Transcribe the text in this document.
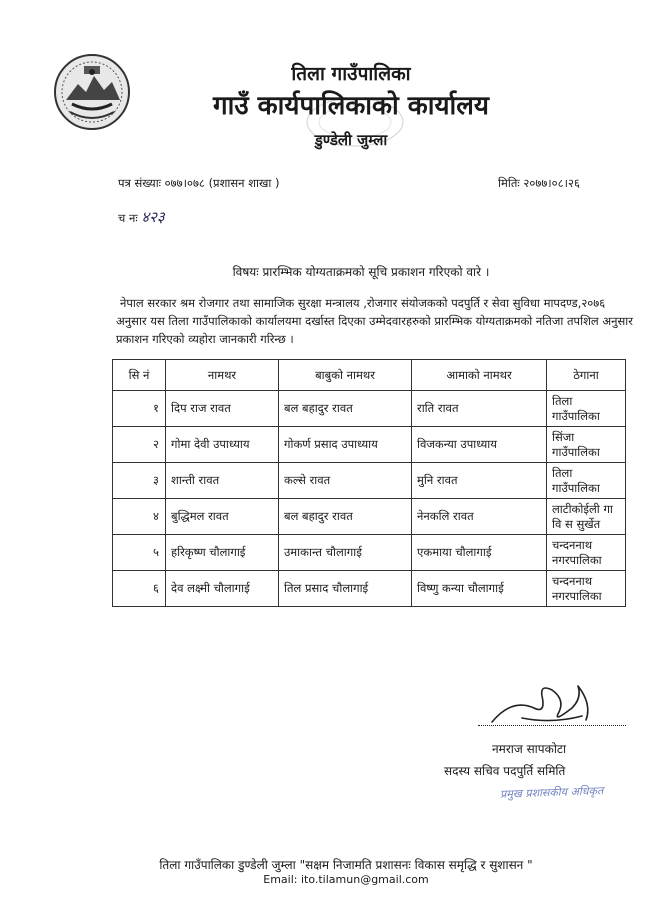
तिला गाउँपालिका
गाउँ कार्यपालिकाको कार्यालय
डुण्डेली जुम्ला
पत्र संख्याः ०७७।०७८ (प्रशासन शाखा )	मितिः २०७७।०८।२६
च नः ४२३
विषयः प्रारम्भिक योग्यताक्रमको सूचि प्रकाशन गरिएको वारे ।
नेपाल सरकार श्रम रोजगार तथा सामाजिक सुरक्षा मन्त्रालय ,रोजगार संयोजकको पदपुर्ति र सेवा सुविधा मापदण्ड,२०७६ अनुसार यस तिला गाउँपालिकाको कार्यालयमा दर्खास्त दिएका उम्मेदवारहरुको प्रारम्भिक योग्यताक्रमको नतिजा तपशिल अनुसार प्रकाशन गरिएको व्यहोरा जानकारी गरिन्छ ।
सि नं	नामथर	बाबुको नामथर	आमाको नामथर	ठेगाना
१	दिप राज रावत	बल बहादुर रावत	राति रावत	तिला गाउँपालिका
२	गोमा देवी उपाध्याय	गोकर्ण प्रसाद उपाध्याय	विजकन्या उपाध्याय	सिंजा गाउँपालिका
३	शान्ती रावत	कल्से रावत	मुनि रावत	तिला गाउँपालिका
४	बुद्धिमल रावत	बल बहादुर रावत	नेनकलि रावत	लाटीकोईली गा वि स सुर्खेत
५	हरिकृष्ण चौलागाई	उमाकान्त चौलागाई	एकमाया चौलागाई	चन्दननाथ नगरपालिका
६	देव लक्ष्मी चौलागाई	तिल प्रसाद चौलागाई	विष्णु कन्या चौलागाई	चन्दननाथ नगरपालिका
नमराज सापकोटा
सदस्य सचिव पदपुर्ति समिति
प्रमुख प्रशासकीय अधिकृत
तिला गाउँपालिका डुण्डेली जुम्ला "सक्षम निजामति प्रशासनः विकास समृद्धि र सुशासन "
Email: ito.tilamun@gmail.com
